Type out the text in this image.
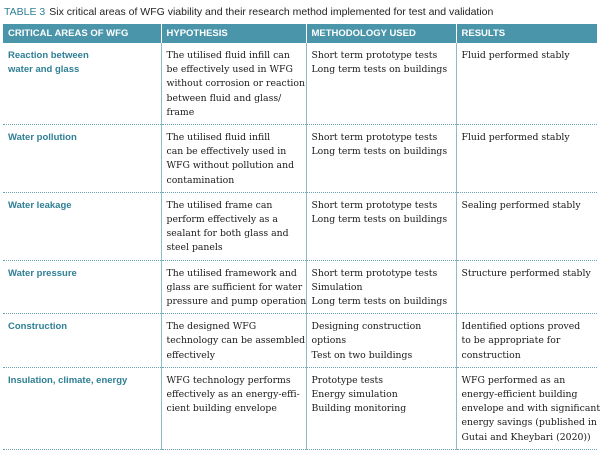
TABLE 3 Six critical areas of WFG viability and their research method implemented for test and validation
CRITICAL AREAS OF WFG	HYPOTHESIS	METHODOLOGY USED	RESULTS

Reaction between
water and glass	The utilised fluid infill can
be effectively used in WFG
without corrosion or reaction
between fluid and glass/
frame	Short term prototype tests
Long term tests on buildings	Fluid performed stably

Water pollution	The utilised fluid infill
can be effectively used in
WFG without pollution and
contamination	Short term prototype tests
Long term tests on buildings	Fluid performed stably

Water leakage	The utilised frame can
perform effectively as a
sealant for both glass and
steel panels	Short term prototype tests
Long term tests on buildings	Sealing performed stably

Water pressure	The utilised framework and
glass are sufficient for water
pressure and pump operation	Short term prototype tests
Simulation
Long term tests on buildings	Structure performed stably

Construction	The designed WFG
technology can be assembled
effectively	Designing construction
options
Test on two buildings	Identified options proved
to be appropriate for
construction

Insulation, climate, energy	WFG technology performs
effectively as an energy-effi-
cient building envelope	Prototype tests
Energy simulation
Building monitoring	WFG performed as an
energy-efficient building
envelope and with significant
energy savings (published in
Gutai and Kheybari (2020))
